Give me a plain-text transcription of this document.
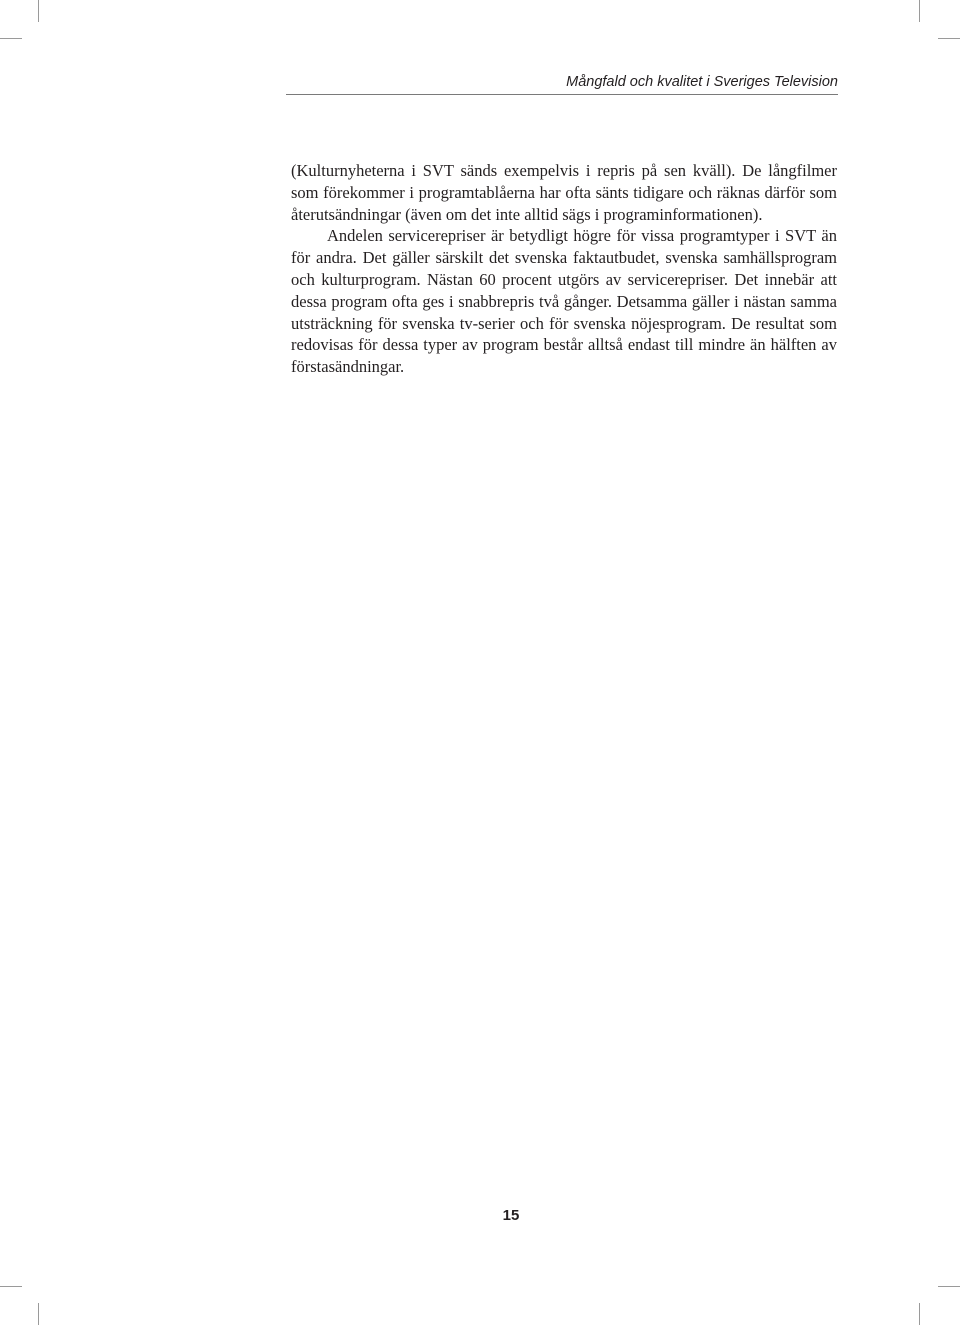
Mångfald och kvalitet i Sveriges Television

(Kulturnyheterna i SVT sänds exempelvis i repris på sen kväll). De långfilmer som förekommer i programtablåerna har ofta sänts tidigare och räknas därför som återutsändningar (även om det inte alltid sägs i programinformationen).

Andelen servicerepriser är betydligt högre för vissa programtyper i SVT än för andra. Det gäller särskilt det svenska faktautbudet, svenska samhällsprogram och kulturprogram. Nästan 60 procent utgörs av servicerepriser. Det innebär att dessa program ofta ges i snabbrepris två gånger. Detsamma gäller i nästan samma utsträckning för svenska tv-serier och för svenska nöjesprogram. De resultat som redovisas för dessa typer av program består alltså endast till mindre än hälften av förstasändningar.

15
